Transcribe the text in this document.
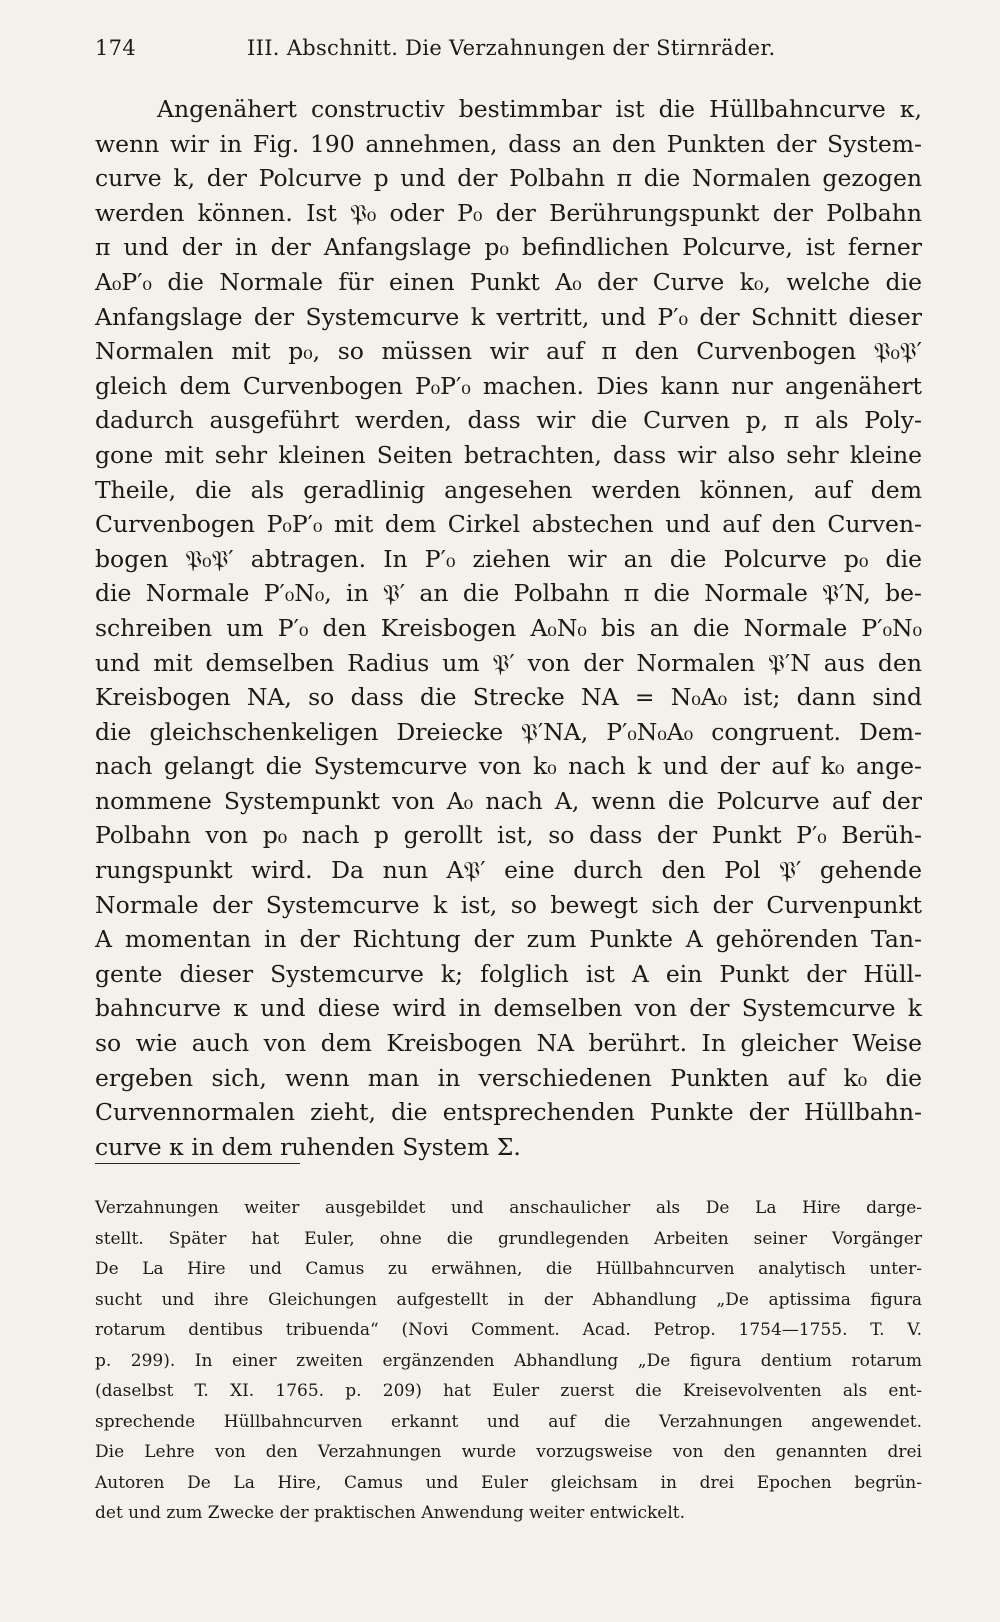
174	III. Abschnitt. Die Verzahnungen der Stirnräder.
Angenähert constructiv bestimmbar ist die Hüllbahncurve κ,
wenn wir in Fig. 190 annehmen, dass an den Punkten der System-
curve k, der Polcurve p und der Polbahn π die Normalen gezogen
werden können. Ist 𝔓₀ oder P₀ der Berührungspunkt der Polbahn
π und der in der Anfangslage p₀ befindlichen Polcurve, ist ferner
A₀P′₀ die Normale für einen Punkt A₀ der Curve k₀, welche die
Anfangslage der Systemcurve k vertritt, und P′₀ der Schnitt dieser
Normalen mit p₀, so müssen wir auf π den Curvenbogen 𝔓₀𝔓′
gleich dem Curvenbogen P₀P′₀ machen. Dies kann nur angenähert
dadurch ausgeführt werden, dass wir die Curven p, π als Poly-
gone mit sehr kleinen Seiten betrachten, dass wir also sehr kleine
Theile, die als geradlinig angesehen werden können, auf dem
Curvenbogen P₀P′₀ mit dem Cirkel abstechen und auf den Curven-
bogen 𝔓₀𝔓′ abtragen. In P′₀ ziehen wir an die Polcurve p₀ die
die Normale P′₀N₀, in 𝔓′ an die Polbahn π die Normale 𝔓′N, be-
schreiben um P′₀ den Kreisbogen A₀N₀ bis an die Normale P′₀N₀
und mit demselben Radius um 𝔓′ von der Normalen 𝔓′N aus den
Kreisbogen NA, so dass die Strecke NA = N₀A₀ ist; dann sind
die gleichschenkeligen Dreiecke 𝔓′NA, P′₀N₀A₀ congruent. Dem-
nach gelangt die Systemcurve von k₀ nach k und der auf k₀ ange-
nommene Systempunkt von A₀ nach A, wenn die Polcurve auf der
Polbahn von p₀ nach p gerollt ist, so dass der Punkt P′₀ Berüh-
rungspunkt wird. Da nun A𝔓′ eine durch den Pol 𝔓′ gehende
Normale der Systemcurve k ist, so bewegt sich der Curvenpunkt
A momentan in der Richtung der zum Punkte A gehörenden Tan-
gente dieser Systemcurve k; folglich ist A ein Punkt der Hüll-
bahncurve κ und diese wird in demselben von der Systemcurve k
so wie auch von dem Kreisbogen NA berührt. In gleicher Weise
ergeben sich, wenn man in verschiedenen Punkten auf k₀ die
Curvennormalen zieht, die entsprechenden Punkte der Hüllbahn-
curve κ in dem ruhenden System Σ.
Verzahnungen weiter ausgebildet und anschaulicher als De La Hire darge-
stellt. Später hat Euler, ohne die grundlegenden Arbeiten seiner Vorgänger
De La Hire und Camus zu erwähnen, die Hüllbahncurven analytisch unter-
sucht und ihre Gleichungen aufgestellt in der Abhandlung „De aptissima figura
rotarum dentibus tribuenda“ (Novi Comment. Acad. Petrop. 1754—1755. T. V.
p. 299). In einer zweiten ergänzenden Abhandlung „De figura dentium rotarum
(daselbst T. XI. 1765. p. 209) hat Euler zuerst die Kreisevolventen als ent-
sprechende Hüllbahncurven erkannt und auf die Verzahnungen angewendet.
Die Lehre von den Verzahnungen wurde vorzugsweise von den genannten drei
Autoren De La Hire, Camus und Euler gleichsam in drei Epochen begrün-
det und zum Zwecke der praktischen Anwendung weiter entwickelt.
